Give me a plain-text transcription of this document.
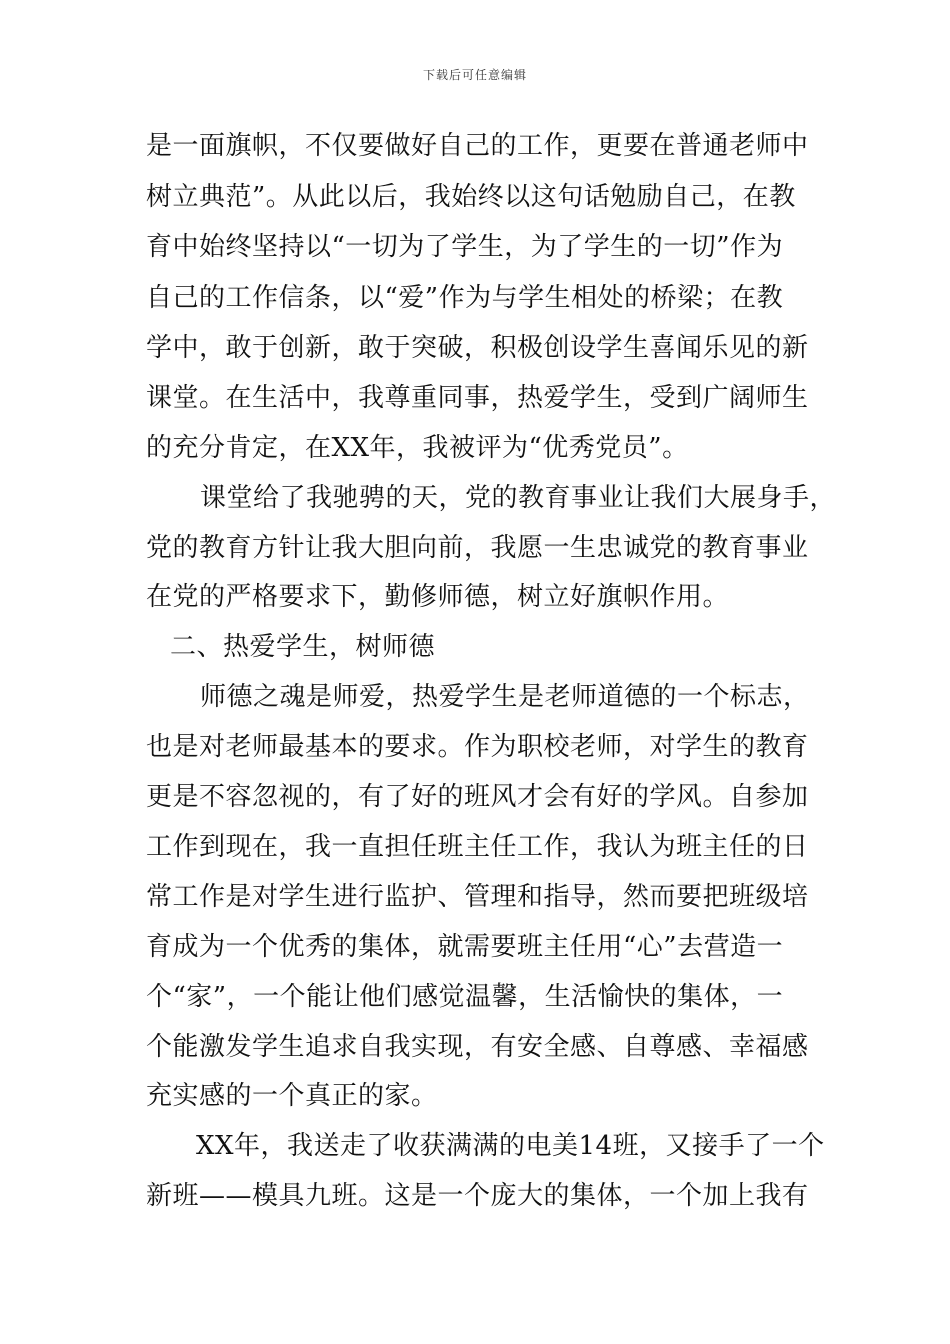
下载后可任意编辑
是一面旗帜，不仅要做好自己的工作，更要在普通老师中
树立典范”。从此以后，我始终以这句话勉励自己，在教
育中始终坚持以“一切为了学生，为了学生的一切”作为
自己的工作信条，以“爱”作为与学生相处的桥梁；在教
学中，敢于创新，敢于突破，积极创设学生喜闻乐见的新
课堂。在生活中，我尊重同事，热爱学生，受到广阔师生
的充分肯定，在XX年，我被评为“优秀党员”。
课堂给了我驰骋的天，党的教育事业让我们大展身手，
党的教育方针让我大胆向前，我愿一生忠诚党的教育事业
在党的严格要求下，勤修师德，树立好旗帜作用。
二、热爱学生，树师德
师德之魂是师爱，热爱学生是老师道德的一个标志，
也是对老师最基本的要求。作为职校老师，对学生的教育
更是不容忽视的，有了好的班风才会有好的学风。自参加
工作到现在，我一直担任班主任工作，我认为班主任的日
常工作是对学生进行监护、管理和指导，然而要把班级培
育成为一个优秀的集体，就需要班主任用“心”去营造一
个“家”，一个能让他们感觉温馨，生活愉快的集体，一
个能激发学生追求自我实现，有安全感、自尊感、幸福感
充实感的一个真正的家。
XX年，我送走了收获满满的电美14班，又接手了一个
新班——模具九班。这是一个庞大的集体，一个加上我有
